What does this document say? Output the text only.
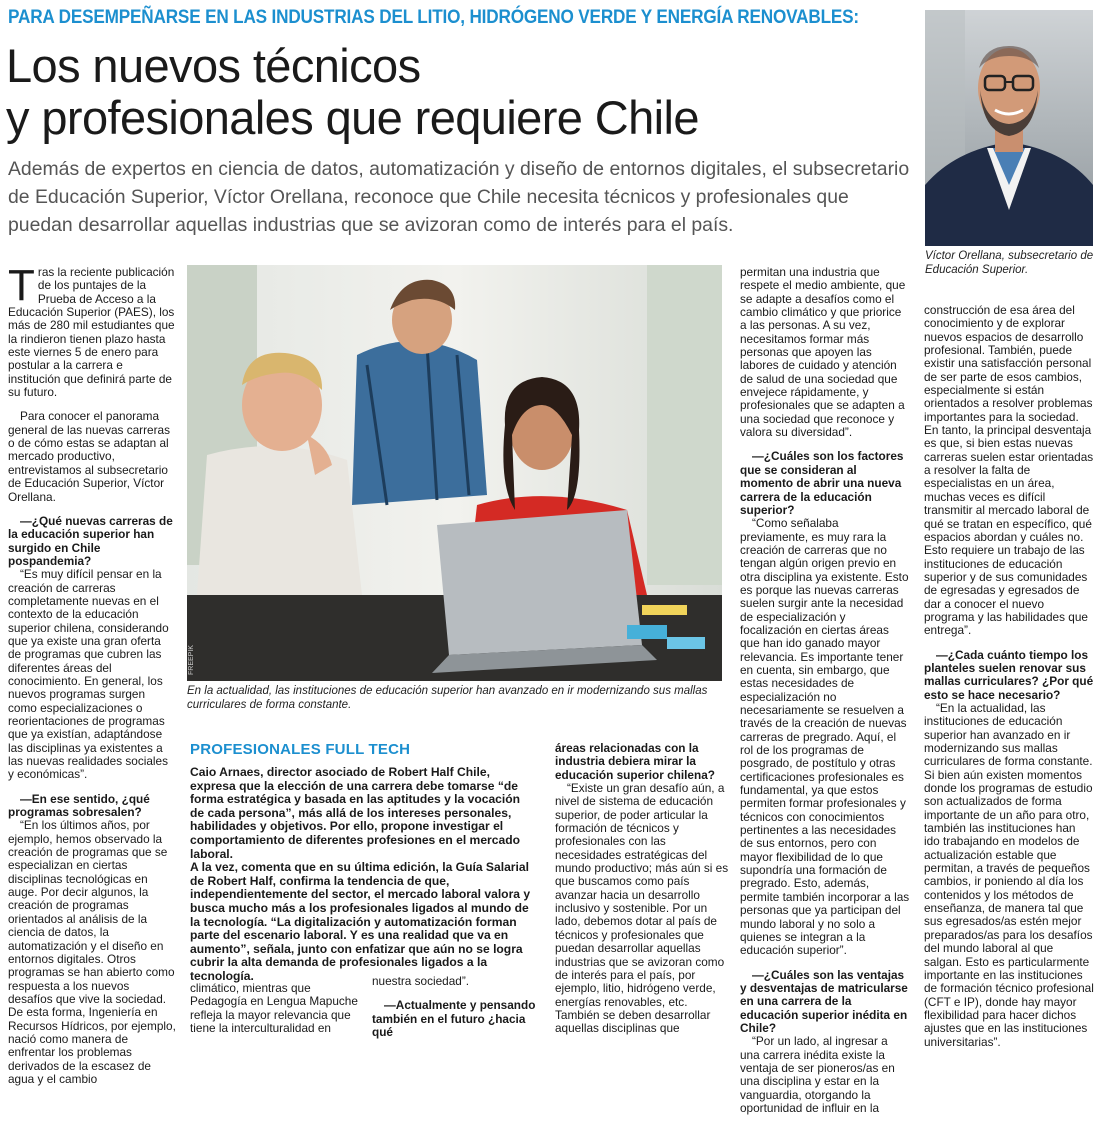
PARA DESEMPEÑARSE EN LAS INDUSTRIAS DEL LITIO, HIDRÓGENO VERDE Y ENERGÍA RENOVABLES:
Los nuevos técnicos
y profesionales que requiere Chile
Además de expertos en ciencia de datos, automatización y diseño de entornos digitales, el subsecretario de Educación Superior, Víctor Orellana, reconoce que Chile necesita técnicos y profesionales que puedan desarrollar aquellas industrias que se avizoran como de interés para el país.
Víctor Orellana, subsecretario de Educación Superior.
FREEPIK
En la actualidad, las instituciones de educación superior han avanzado en ir modernizando sus mallas curriculares de forma constante.

Tras la reciente publicación de los puntajes de la Prueba de Acceso a la Educación Superior (PAES), los más de 280 mil estudiantes que la rindieron tienen plazo hasta este viernes 5 de enero para postular a la carrera e institución que definirá parte de su futuro.

Para conocer el panorama general de las nuevas carreras o de cómo estas se adaptan al mercado productivo, entrevistamos al subsecretario de Educación Superior, Víctor Orellana.

—¿Qué nuevas carreras de la educación superior han surgido en Chile pospandemia?

“Es muy difícil pensar en la creación de carreras completamente nuevas en el contexto de la educación superior chilena, considerando que ya existe una gran oferta de programas que cubren las diferentes áreas del conocimiento. En general, los nuevos programas surgen como especializaciones o reorientaciones de programas que ya existían, adaptándose las disciplinas ya existentes a las nuevas realidades sociales y económicas”.

—En ese sentido, ¿qué programas sobresalen?

“En los últimos años, por ejemplo, hemos observado la creación de programas que se especializan en ciertas disciplinas tecnológicas en auge. Por decir algunos, la creación de programas orientados al análisis de la ciencia de datos, la automatización y el diseño en entornos digitales. Otros programas se han abierto como respuesta a los nuevos desafíos que vive la sociedad. De esta forma, Ingeniería en Recursos Hídricos, por ejemplo, nació como manera de enfrentar los problemas derivados de la escasez de agua y el cambio

PROFESIONALES FULL TECH

Caio Arnaes, director asociado de Robert Half Chile, expresa que la elección de una carrera debe tomarse “de forma estratégica y basada en las aptitudes y la vocación de cada persona”, más allá de los intereses personales, habilidades y objetivos. Por ello, propone investigar el comportamiento de diferentes profesiones en el mercado laboral.

A la vez, comenta que en su última edición, la Guía Salarial de Robert Half, confirma la tendencia de que, independientemente del sector, el mercado laboral valora y busca mucho más a los profesionales ligados al mundo de la tecnología. “La digitalización y automatización forman parte del escenario laboral. Y es una realidad que va en aumento”, señala, junto con enfatizar que aún no se logra cubrir la alta demanda de profesionales ligados a la tecnología.

climático, mientras que Pedagogía en Lengua Mapuche refleja la mayor relevancia que tiene la interculturalidad en

nuestra sociedad”.

—Actualmente y pensando también en el futuro ¿hacia qué

áreas relacionadas con la industria debiera mirar la educación superior chilena?

“Existe un gran desafío aún, a nivel de sistema de educación superior, de poder articular la formación de técnicos y profesionales con las necesidades estratégicas del mundo productivo; más aún si es que buscamos como país avanzar hacia un desarrollo inclusivo y sostenible. Por un lado, debemos dotar al país de técnicos y profesionales que puedan desarrollar aquellas industrias que se avizoran como de interés para el país, por ejemplo, litio, hidrógeno verde, energías renovables, etc. También se deben desarrollar aquellas disciplinas que

permitan una industria que respete el medio ambiente, que se adapte a desafíos como el cambio climático y que priorice a las personas. A su vez, necesitamos formar más personas que apoyen las labores de cuidado y atención de salud de una sociedad que envejece rápidamente, y profesionales que se adapten a una sociedad que reconoce y valora su diversidad”.

—¿Cuáles son los factores que se consideran al momento de abrir una nueva carrera de la educación superior?

“Como señalaba previamente, es muy rara la creación de carreras que no tengan algún origen previo en otra disciplina ya existente. Esto es porque las nuevas carreras suelen surgir ante la necesidad de especialización y focalización en ciertas áreas que han ido ganado mayor relevancia. Es importante tener en cuenta, sin embargo, que estas necesidades de especialización no necesariamente se resuelven a través de la creación de nuevas carreras de pregrado. Aquí, el rol de los programas de posgrado, de postítulo y otras certificaciones profesionales es fundamental, ya que estos permiten formar profesionales y técnicos con conocimientos pertinentes a las necesidades de sus entornos, pero con mayor flexibilidad de lo que supondría una formación de pregrado. Esto, además, permite también incorporar a las personas que ya participan del mundo laboral y no solo a quienes se integran a la educación superior”.

—¿Cuáles son las ventajas y desventajas de matricularse en una carrera de la educación superior inédita en Chile?

“Por un lado, al ingresar a una carrera inédita existe la ventaja de ser pioneros/as en una disciplina y estar en la vanguardia, otorgando la oportunidad de influir en la

construcción de esa área del conocimiento y de explorar nuevos espacios de desarrollo profesional. También, puede existir una satisfacción personal de ser parte de esos cambios, especialmente si están orientados a resolver problemas importantes para la sociedad. En tanto, la principal desventaja es que, si bien estas nuevas carreras suelen estar orientadas a resolver la falta de especialistas en un área, muchas veces es difícil transmitir al mercado laboral de qué se tratan en específico, qué espacios abordan y cuáles no. Esto requiere un trabajo de las instituciones de educación superior y de sus comunidades de egresadas y egresados de dar a conocer el nuevo programa y las habilidades que entrega”.

—¿Cada cuánto tiempo los planteles suelen renovar sus mallas curriculares? ¿Por qué esto se hace necesario?

“En la actualidad, las instituciones de educación superior han avanzado en ir modernizando sus mallas curriculares de forma constante. Si bien aún existen momentos donde los programas de estudio son actualizados de forma importante de un año para otro, también las instituciones han ido trabajando en modelos de actualización estable que permitan, a través de pequeños cambios, ir poniendo al día los contenidos y los métodos de enseñanza, de manera tal que sus egresados/as estén mejor preparados/as para los desafíos del mundo laboral al que salgan. Esto es particularmente importante en las instituciones de formación técnico profesional (CFT e IP), donde hay mayor flexibilidad para hacer dichos ajustes que en las instituciones universitarias”.
